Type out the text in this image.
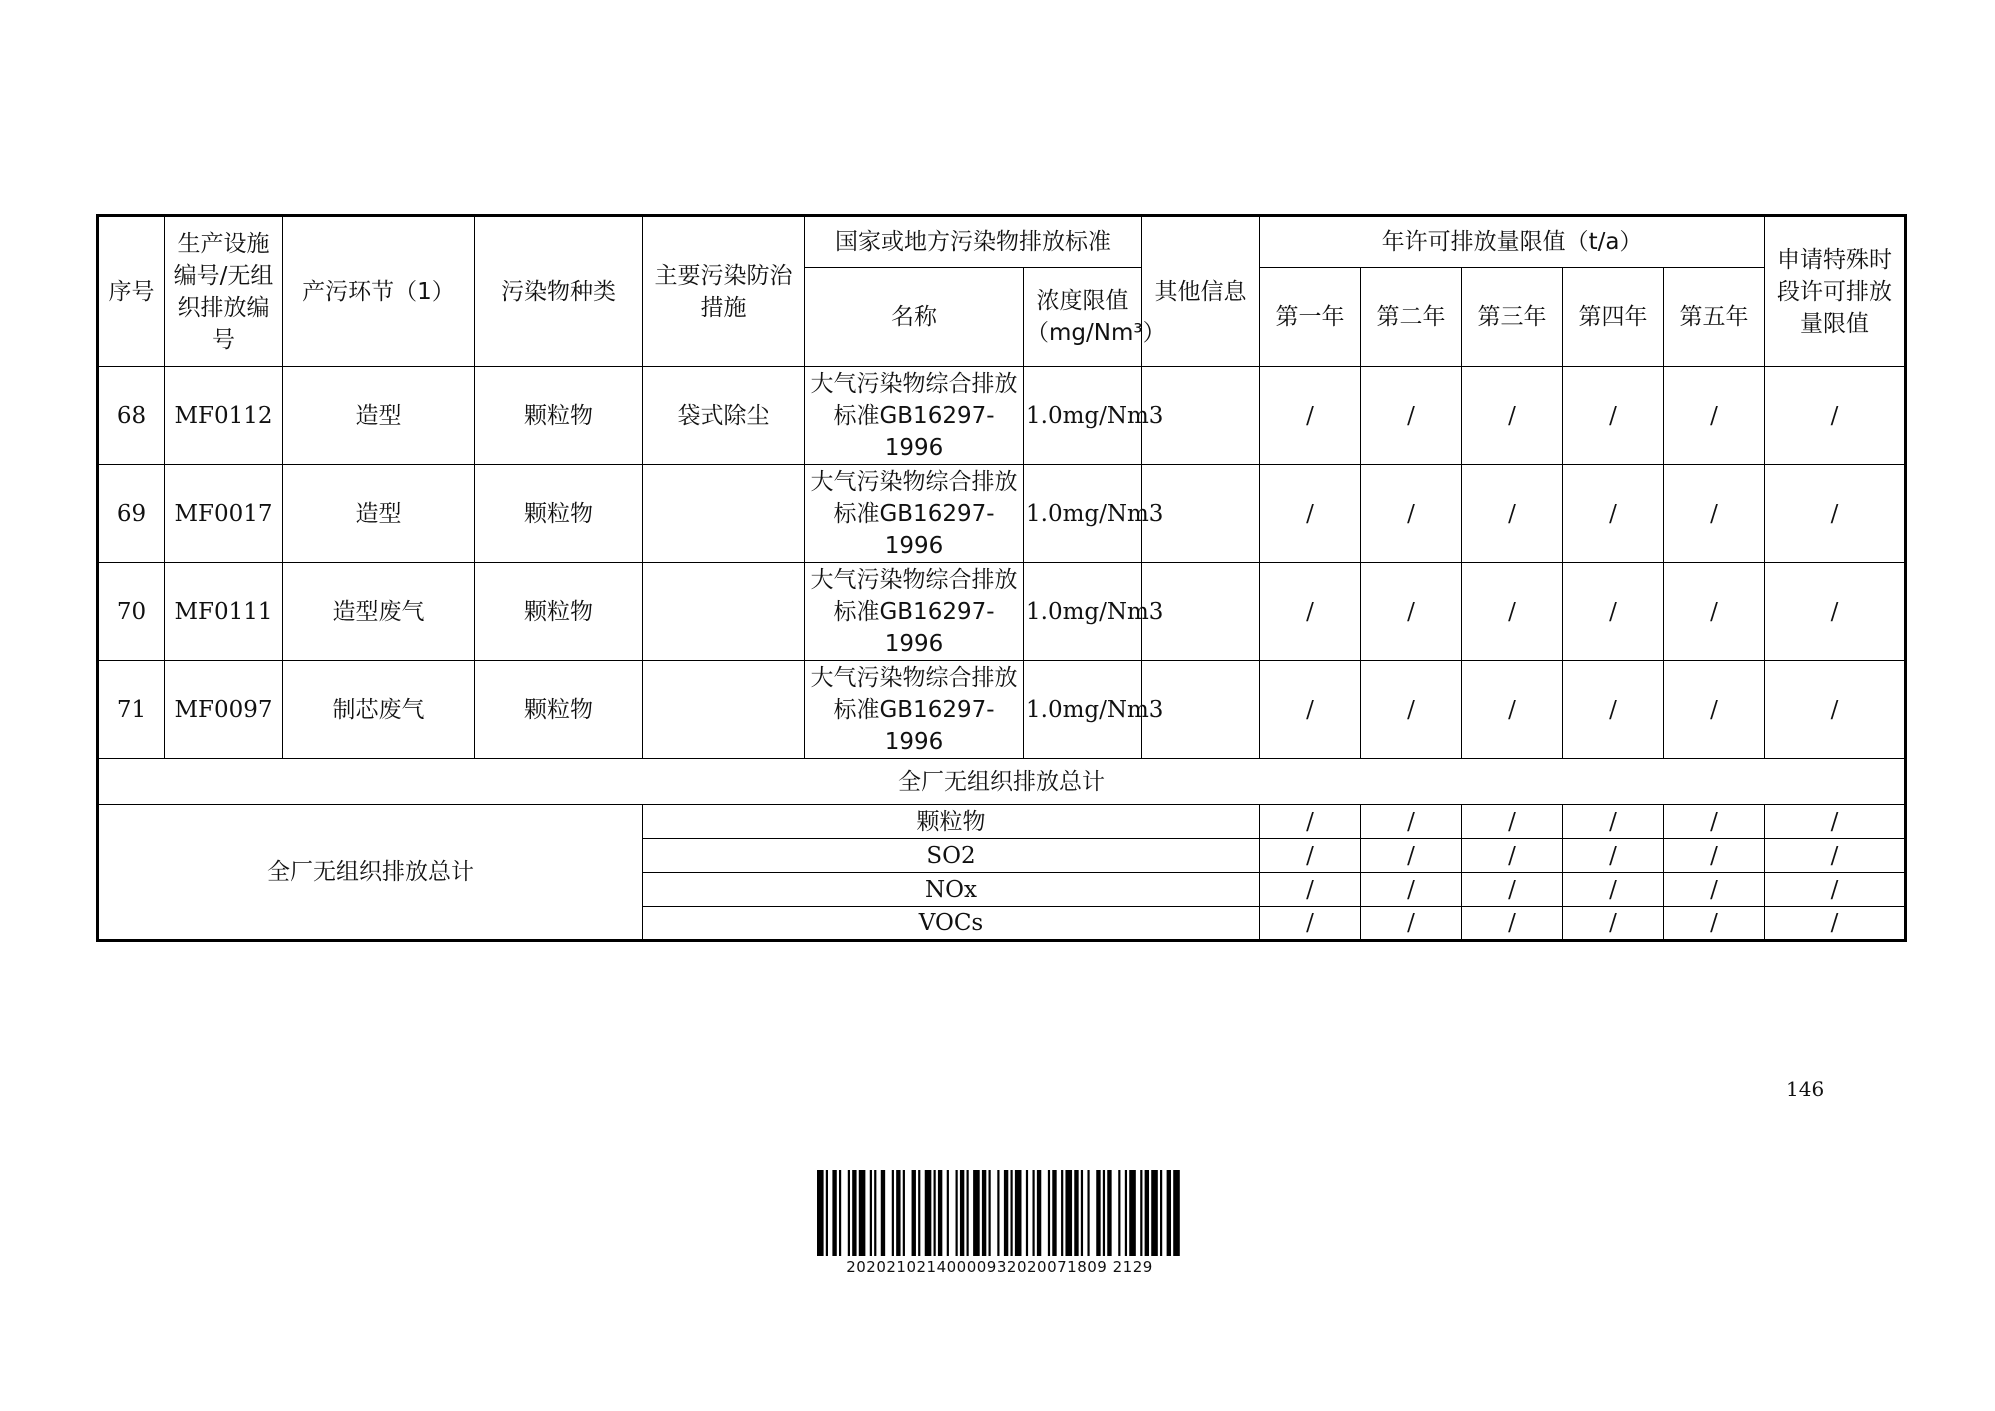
序号	生产设施编号/无组织排放编号	产污环节（1）	污染物种类	主要污染防治措施	国家或地方污染物排放标准		其他信息	年许可排放量限值（t/a）					申请特殊时段许可排放量限值
					名称	浓度限值（mg/Nm³）		第一年	第二年	第三年	第四年	第五年	
68	MF0112	造型	颗粒物	袋式除尘	大气污染物综合排放标准GB16297-1996	1.0mg/Nm3		/	/	/	/	/	/
69	MF0017	造型	颗粒物		大气污染物综合排放标准GB16297-1996	1.0mg/Nm3		/	/	/	/	/	/
70	MF0111	造型废气	颗粒物		大气污染物综合排放标准GB16297-1996	1.0mg/Nm3		/	/	/	/	/	/
71	MF0097	制芯废气	颗粒物		大气污染物综合排放标准GB16297-1996	1.0mg/Nm3		/	/	/	/	/	/
全厂无组织排放总计													
全厂无组织排放总计				颗粒物				/	/	/	/	/	/
				SO2				/	/	/	/	/	/
				NOx				/	/	/	/	/	/
				VOCs				/	/	/	/	/	/
146
20202102140000932020071809 2129
